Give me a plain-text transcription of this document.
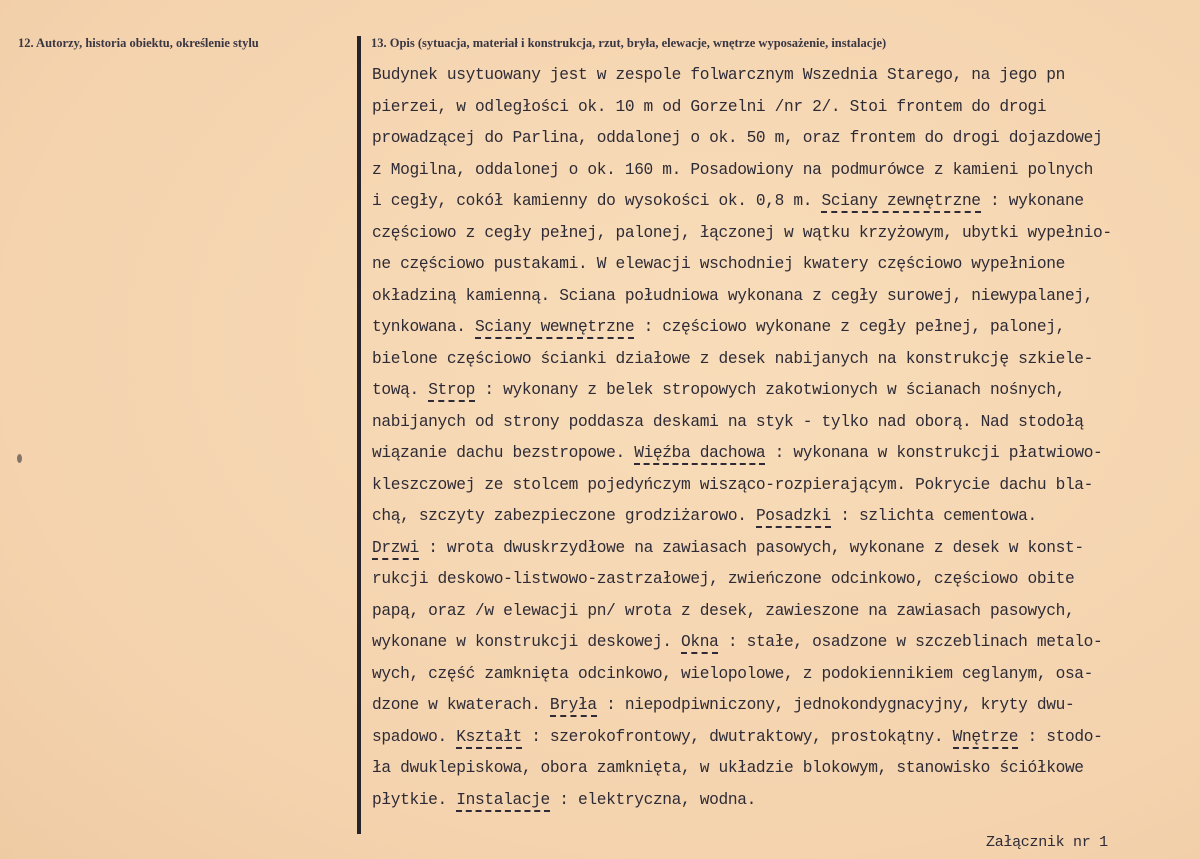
12. Autorzy, historia obiektu, określenie stylu	13. Opis (sytuacja, materiał i konstrukcja, rzut, bryła, elewacje, wnętrze wyposażenie, instalacje)
Budynek usytuowany jest w zespole folwarcznym Wszednia Starego, na jego pn
pierzei, w odległości ok. 10 m od Gorzelni /nr 2/. Stoi frontem do drogi
prowadzącej do Parlina, oddalonej o ok. 50 m, oraz frontem do drogi dojazdowej
z Mogilna, oddalonej o ok. 160 m. Posadowiony na podmurówce z kamieni polnych
i cegły, cokół kamienny do wysokości ok. 0,8 m. Sciany zewnętrzne : wykonane
częściowo z cegły pełnej, palonej, łączonej w wątku krzyżowym, ubytki wypełnio-
ne częściowo pustakami. W elewacji wschodniej kwatery częściowo wypełnione
okładziną kamienną. Sciana południowa wykonana z cegły surowej, niewypalanej,
tynkowana. Sciany wewnętrzne : częściowo wykonane z cegły pełnej, palonej,
bielone częściowo ścianki działowe z desek nabijanych na konstrukcję szkiele-
tową. Strop : wykonany z belek stropowych zakotwionych w ścianach nośnych,
nabijanych od strony poddasza deskami na styk - tylko nad oborą. Nad stodołą
wiązanie dachu bezstropowe. Więźba dachowa : wykonana w konstrukcji płatwiowo-
kleszczowej ze stolcem pojedyńczym wisząco-rozpierającym. Pokrycie dachu bla-
chą, szczyty zabezpieczone grodziżarowo. Posadzki : szlichta cementowa.
Drzwi : wrota dwuskrzydłowe na zawiasach pasowych, wykonane z desek w konst-
rukcji deskowo-listwowo-zastrzałowej, zwieńczone odcinkowo, częściowo obite
papą, oraz /w elewacji pn/ wrota z desek, zawieszone na zawiasach pasowych,
wykonane w konstrukcji deskowej. Okna : stałe, osadzone w szczeblinach metalo-
wych, część zamknięta odcinkowo, wielopolowe, z podokiennikiem ceglanym, osa-
dzone w kwaterach. Bryła : niepodpiwniczony, jednokondygnacyjny, kryty dwu-
spadowo. Kształt : szerokofrontowy, dwutraktowy, prostokątny. Wnętrze : stodo-
ła dwuklepiskowa, obora zamknięta, w układzie blokowym, stanowisko ściółkowe
płytkie. Instalacje : elektryczna, wodna.
Załącznik nr 1
